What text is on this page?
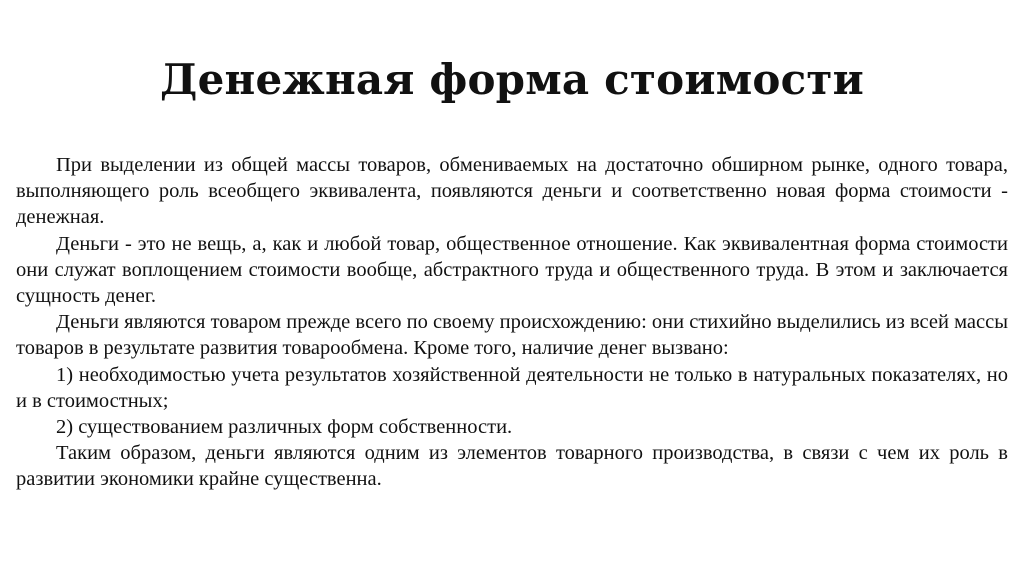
Денежная форма стоимости

При выделении из общей массы товаров, обмениваемых на достаточно обширном рынке, одного товара, выполняющего роль всеобщего эквивалента, появляются деньги и соответственно новая форма стоимости - денежная.

Деньги - это не вещь, а, как и любой товар, общественное отношение. Как эквивалентная форма стоимости они служат воплощением стоимости вообще, абстрактного труда и общественного труда. В этом и заключается сущность денег.

Деньги являются товаром прежде всего по своему происхождению: они стихийно выделились из всей массы товаров в результате развития товарообмена. Кроме того, наличие денег вызвано:

1) необходимостью учета результатов хозяйственной деятельности не только в натуральных показателях, но и в стоимостных;

2) существованием различных форм собственности.

Таким образом, деньги являются одним из элементов товарного производства, в связи с чем их роль в развитии экономики крайне существенна.
